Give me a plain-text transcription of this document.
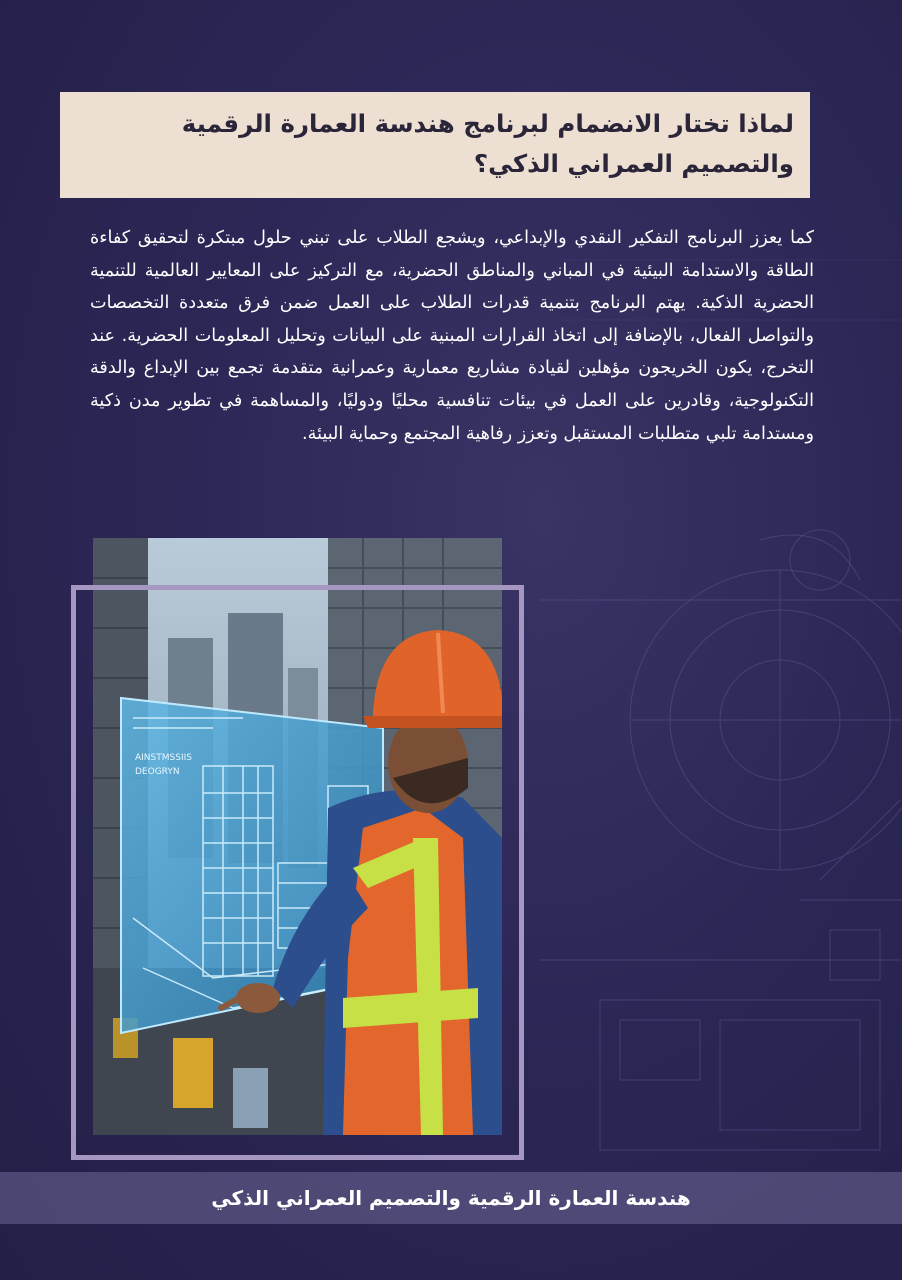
لماذا تختار الانضمام لبرنامج هندسة العمارة الرقمية والتصميم العمراني الذكي؟
كما يعزز البرنامج التفكير النقدي والإبداعي، ويشجع الطلاب على تبني حلول مبتكرة لتحقيق كفاءة الطاقة والاستدامة البيئية في المباني والمناطق الحضرية، مع التركيز على المعايير العالمية للتنمية الحضرية الذكية. يهتم البرنامج بتنمية قدرات الطلاب على العمل ضمن فرق متعددة التخصصات والتواصل الفعال، بالإضافة إلى اتخاذ القرارات المبنية على البيانات وتحليل المعلومات الحضرية. عند التخرج، يكون الخريجون مؤهلين لقيادة مشاريع معمارية وعمرانية متقدمة تجمع بين الإبداع والدقة التكنولوجية، وقادرين على العمل في بيئات تنافسية محليًا ودوليًا، والمساهمة في تطوير مدن ذكية ومستدامة تلبي متطلبات المستقبل وتعزز رفاهية المجتمع وحماية البيئة.
AINSTMSSIIS
DEOGRYN
هندسة العمارة الرقمية والتصميم العمراني الذكي
